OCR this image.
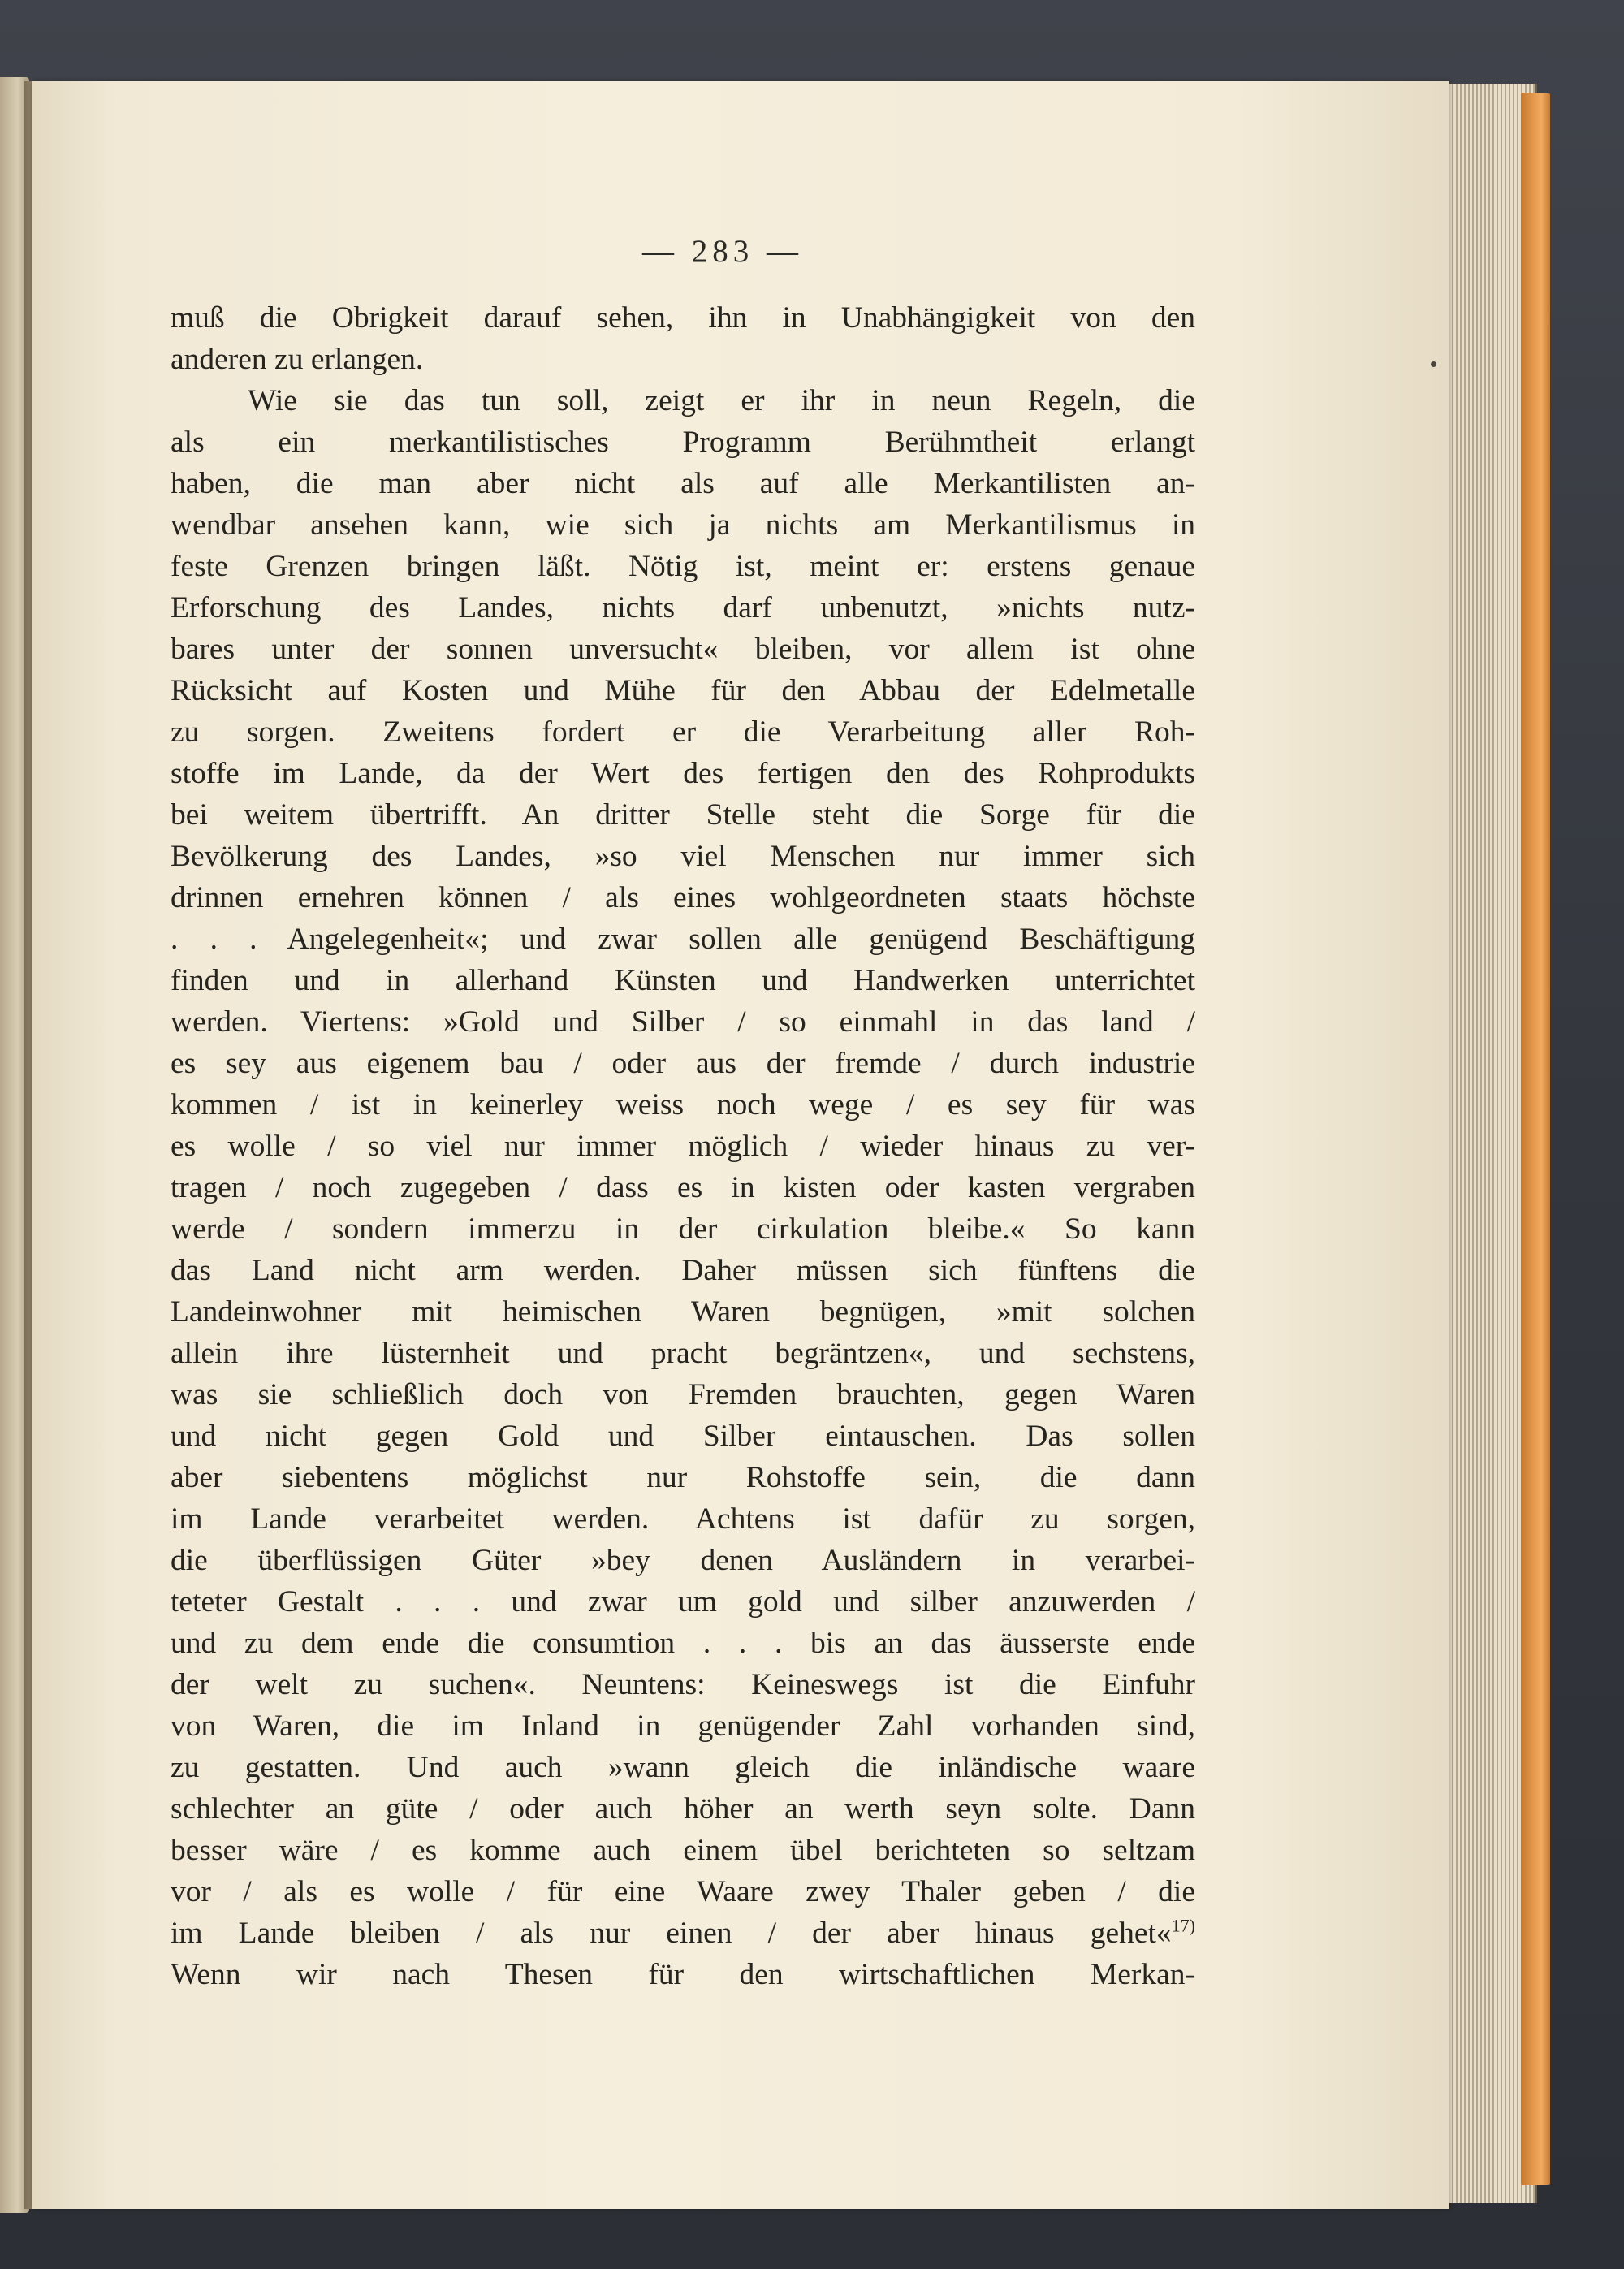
— 283 —
muß die Obrigkeit darauf sehen, ihn in Unabhängigkeit von den
anderen zu erlangen.
Wie sie das tun soll, zeigt er ihr in neun Regeln, die
als ein merkantilistisches Programm Berühmtheit erlangt
haben, die man aber nicht als auf alle Merkantilisten an-
wendbar ansehen kann, wie sich ja nichts am Merkantilismus in
feste Grenzen bringen läßt. Nötig ist, meint er: erstens genaue
Erforschung des Landes, nichts darf unbenutzt, »nichts nutz-
bares unter der sonnen unversucht« bleiben, vor allem ist ohne
Rücksicht auf Kosten und Mühe für den Abbau der Edelmetalle
zu sorgen. Zweitens fordert er die Verarbeitung aller Roh-
stoffe im Lande, da der Wert des fertigen den des Rohprodukts
bei weitem übertrifft. An dritter Stelle steht die Sorge für die
Bevölkerung des Landes, »so viel Menschen nur immer sich
drinnen ernehren können / als eines wohlgeordneten staats höchste
. . . Angelegenheit«; und zwar sollen alle genügend Beschäftigung
finden und in allerhand Künsten und Handwerken unterrichtet
werden. Viertens: »Gold und Silber / so einmahl in das land /
es sey aus eigenem bau / oder aus der fremde / durch industrie
kommen / ist in keinerley weiss noch wege / es sey für was
es wolle / so viel nur immer möglich / wieder hinaus zu ver-
tragen / noch zugegeben / dass es in kisten oder kasten vergraben
werde / sondern immerzu in der cirkulation bleibe.« So kann
das Land nicht arm werden. Daher müssen sich fünftens die
Landeinwohner mit heimischen Waren begnügen, »mit solchen
allein ihre lüsternheit und pracht begräntzen«, und sechstens,
was sie schließlich doch von Fremden brauchten, gegen Waren
und nicht gegen Gold und Silber eintauschen. Das sollen
aber siebentens möglichst nur Rohstoffe sein, die dann
im Lande verarbeitet werden. Achtens ist dafür zu sorgen,
die überflüssigen Güter »bey denen Ausländern in verarbei-
teteter Gestalt . . . und zwar um gold und silber anzuwerden /
und zu dem ende die consumtion . . . bis an das äusserste ende
der welt zu suchen«. Neuntens: Keineswegs ist die Einfuhr
von Waren, die im Inland in genügender Zahl vorhanden sind,
zu gestatten. Und auch »wann gleich die inländische waare
schlechter an güte / oder auch höher an werth seyn solte. Dann
besser wäre / es komme auch einem übel berichteten so seltzam
vor / als es wolle / für eine Waare zwey Thaler geben / die
im Lande bleiben / als nur einen / der aber hinaus gehet«$^{17)}$
Wenn wir nach Thesen für den wirtschaftlichen Merkan-
